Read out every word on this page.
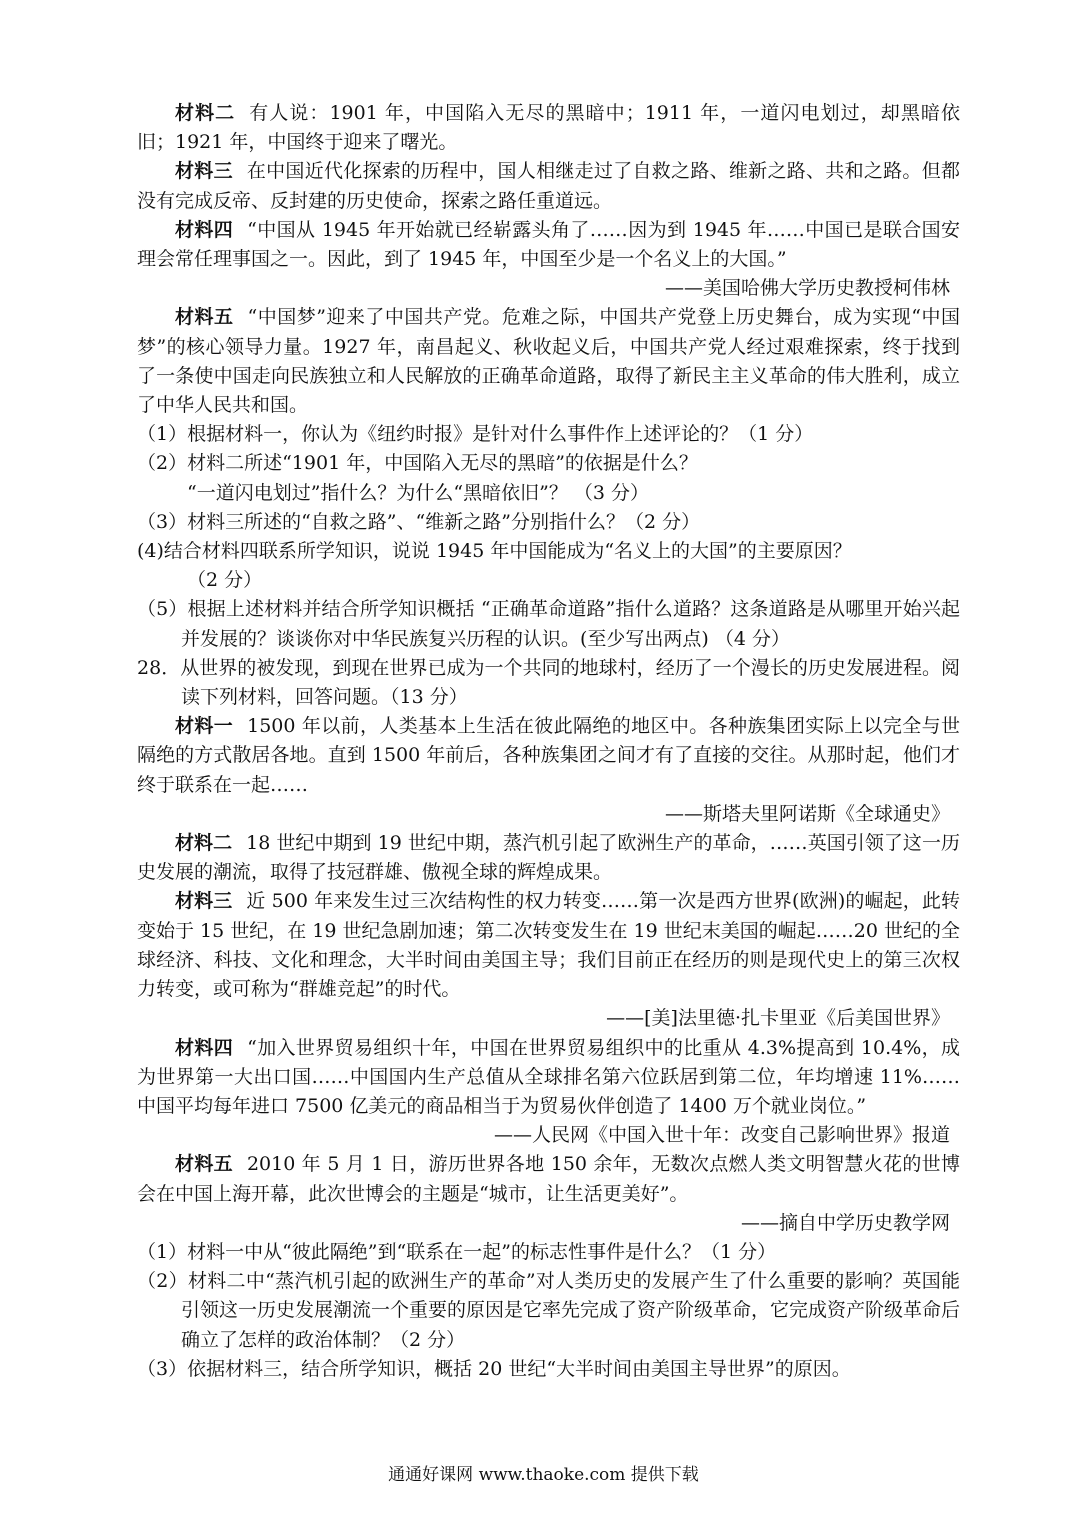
材料二 有人说：1901 年，中国陷入无尽的黑暗中；1911 年，一道闪电划过，却黑暗依旧；1921 年，中国终于迎来了曙光。

材料三 在中国近代化探索的历程中，国人相继走过了自救之路、维新之路、共和之路。但都没有完成反帝、反封建的历史使命，探索之路任重道远。

材料四 “中国从 1945 年开始就已经崭露头角了……因为到 1945 年……中国已是联合国安理会常任理事国之一。因此，到了 1945 年，中国至少是一个名义上的大国。”

——美国哈佛大学历史教授柯伟林

材料五 “中国梦”迎来了中国共产党。危难之际，中国共产党登上历史舞台，成为实现“中国梦”的核心领导力量。1927 年，南昌起义、秋收起义后，中国共产党人经过艰难探索，终于找到了一条使中国走向民族独立和人民解放的正确革命道路，取得了新民主主义革命的伟大胜利，成立了中华人民共和国。

（1）根据材料一，你认为《纽约时报》是针对什么事件作上述评论的？（1 分）

（2）材料二所述“1901 年，中国陷入无尽的黑暗”的依据是什么？
“一道闪电划过”指什么？为什么“黑暗依旧”？ （3 分）

（3）材料三所述的“自救之路”、“维新之路”分别指什么？（2 分）

(4)结合材料四联系所学知识，说说 1945 年中国能成为“名义上的大国”的主要原因？
（2 分）

（5）根据上述材料并结合所学知识概括 “正确革命道路”指什么道路？这条道路是从哪里开始兴起并发展的？谈谈你对中华民族复兴历程的认识。(至少写出两点) （4 分）

28．从世界的被发现，到现在世界已成为一个共同的地球村，经历了一个漫长的历史发展进程。阅读下列材料，回答问题。（13 分）

材料一 1500 年以前，人类基本上生活在彼此隔绝的地区中。各种族集团实际上以完全与世隔绝的方式散居各地。直到 1500 年前后，各种族集团之间才有了直接的交往。从那时起，他们才终于联系在一起……

——斯塔夫里阿诺斯《全球通史》

材料二 18 世纪中期到 19 世纪中期，蒸汽机引起了欧洲生产的革命，……英国引领了这一历史发展的潮流，取得了技冠群雄、傲视全球的辉煌成果。

材料三 近 500 年来发生过三次结构性的权力转变……第一次是西方世界(欧洲)的崛起，此转变始于 15 世纪，在 19 世纪急剧加速；第二次转变发生在 19 世纪末美国的崛起……20 世纪的全球经济、科技、文化和理念，大半时间由美国主导；我们目前正在经历的则是现代史上的第三次权力转变，或可称为“群雄竞起”的时代。

——[美]法里德·扎卡里亚《后美国世界》

材料四 “加入世界贸易组织十年，中国在世界贸易组织中的比重从 4.3%提高到 10.4%，成为世界第一大出口国……中国国内生产总值从全球排名第六位跃居到第二位，年均增速 11%……中国平均每年进口 7500 亿美元的商品相当于为贸易伙伴创造了 1400 万个就业岗位。”

——人民网《中国入世十年：改变自己影响世界》报道

材料五 2010 年 5 月 1 日，游历世界各地 150 余年，无数次点燃人类文明智慧火花的世博会在中国上海开幕，此次世博会的主题是“城市，让生活更美好”。

——摘自中学历史教学网

（1）材料一中从“彼此隔绝”到“联系在一起”的标志性事件是什么？（1 分）

（2）材料二中“蒸汽机引起的欧洲生产的革命”对人类历史的发展产生了什么重要的影响？英国能引领这一历史发展潮流一个重要的原因是它率先完成了资产阶级革命，它完成资产阶级革命后确立了怎样的政治体制？（2 分）

（3）依据材料三，结合所学知识，概括 20 世纪“大半时间由美国主导世界”的原因。

通通好课网 www.thaoke.com 提供下载
